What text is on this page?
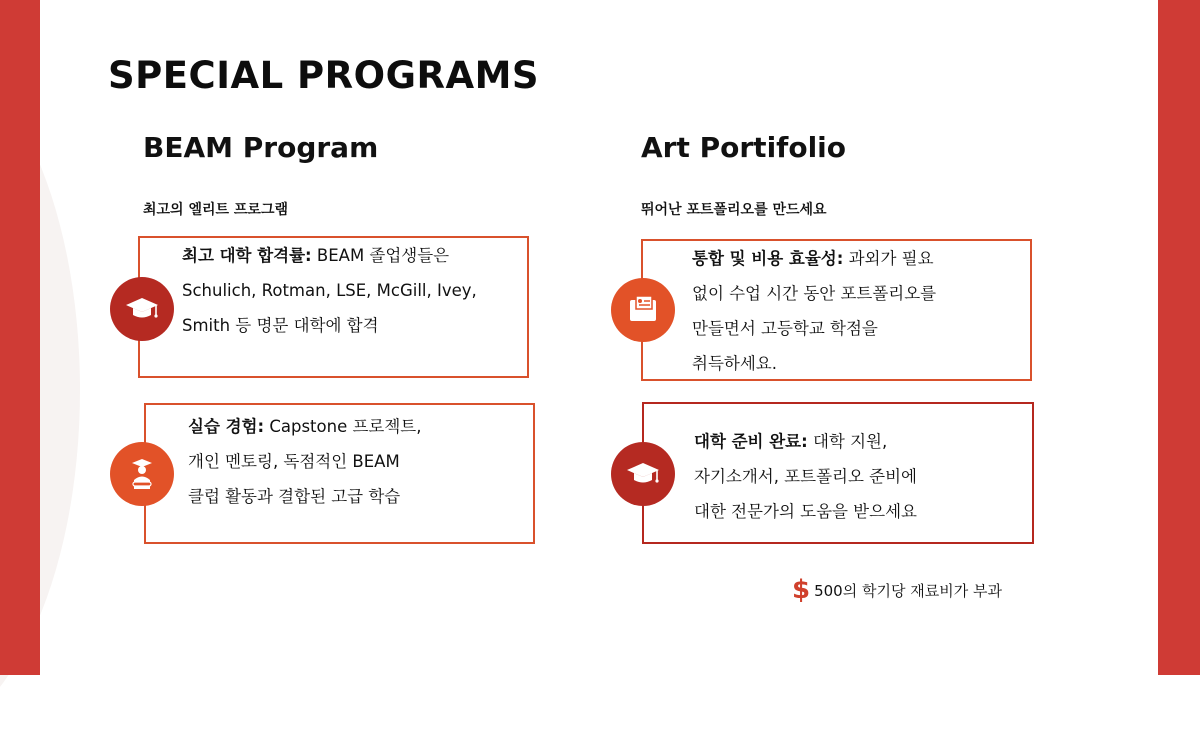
SPECIAL PROGRAMS
BEAM Program
최고의 엘리트 프로그램
최고 대학 합격률: BEAM 졸업생들은
Schulich, Rotman, LSE, McGill, Ivey,
Smith 등 명문 대학에 합격
실습 경험: Capstone 프로젝트,
개인 멘토링, 독점적인 BEAM
클럽 활동과 결합된 고급 학습
Art Portifolio
뛰어난 포트폴리오를 만드세요
통합 및 비용 효율성: 과외가 필요
없이 수업 시간 동안 포트폴리오를
만들면서 고등학교 학점을
취득하세요.
대학 준비 완료: 대학 지원,
자기소개서, 포트폴리오 준비에
대한 전문가의 도움을 받으세요
$ 500의 학기당 재료비가 부과
